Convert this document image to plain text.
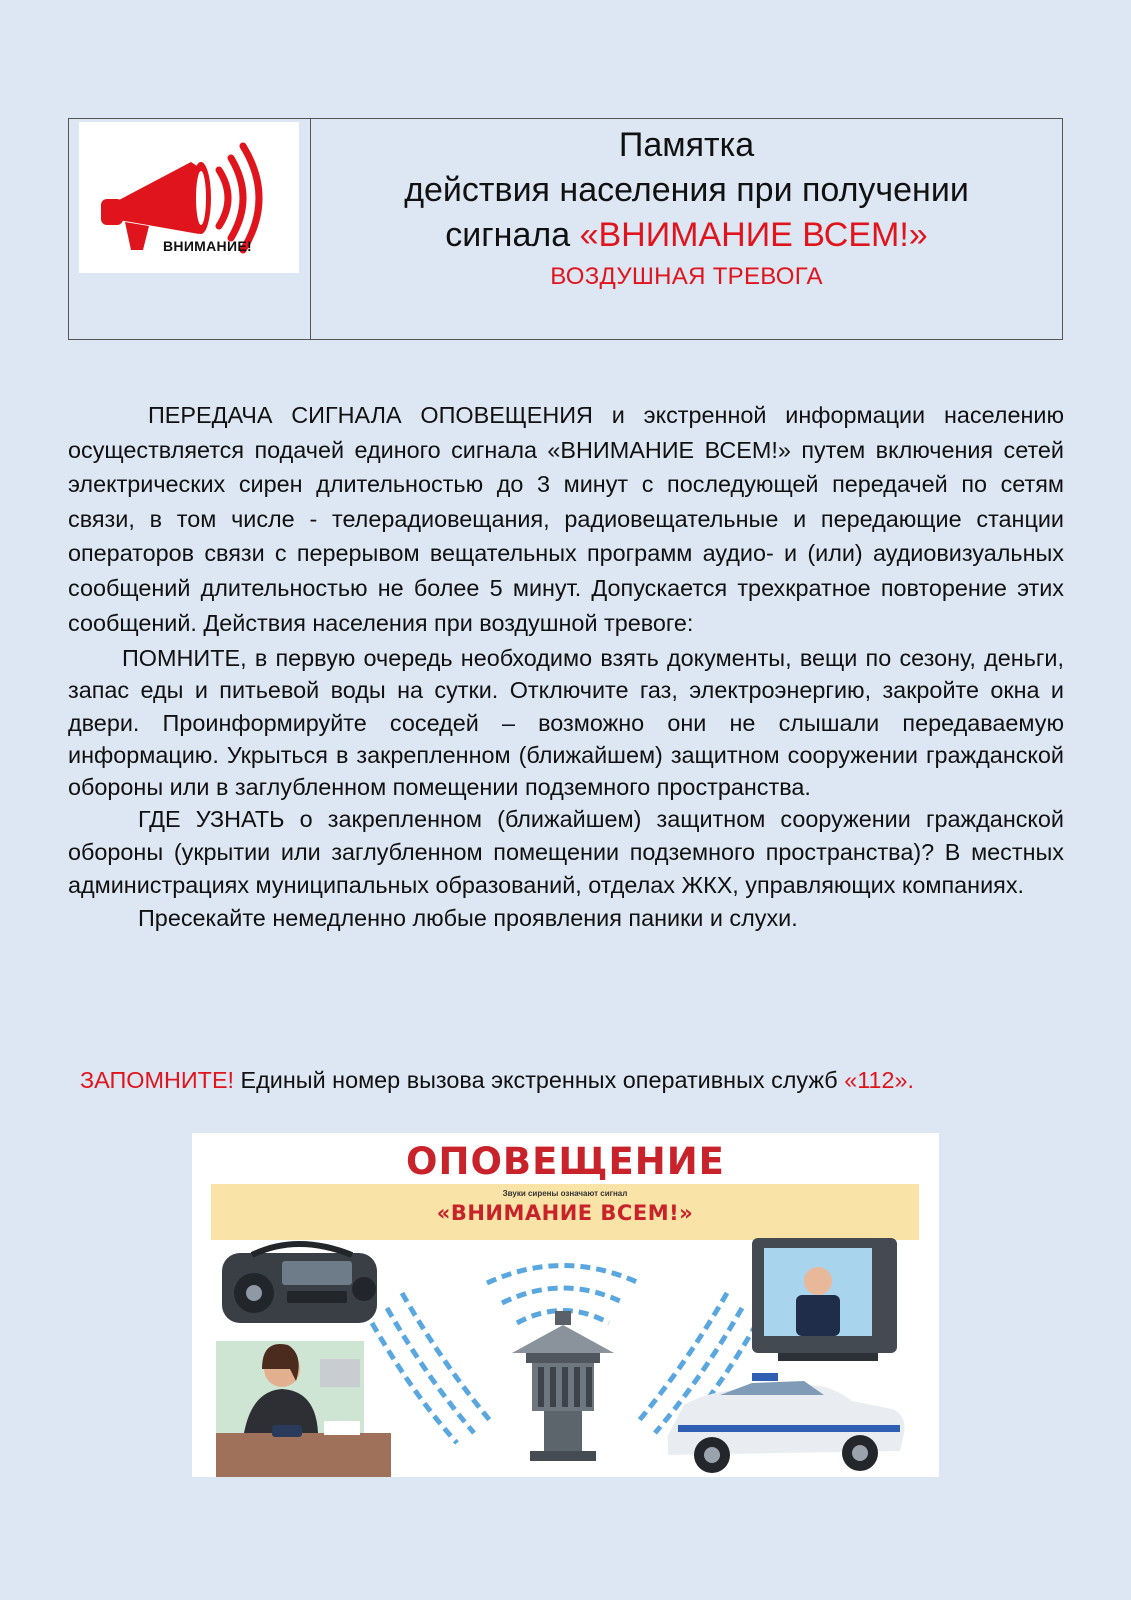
ВНИМАНИЕ!
Памятка
действия населения при получении
сигнала «ВНИМАНИЕ ВСЕМ!»
ВОЗДУШНАЯ ТРЕВОГА

ПЕРЕДАЧА СИГНАЛА ОПОВЕЩЕНИЯ и экстренной информации населению осуществляется подачей единого сигнала «ВНИМАНИЕ ВСЕМ!» путем включения сетей электрических сирен длительностью до 3 минут с последующей передачей по сетям связи, в том числе - телерадиовещания, радиовещательные и передающие станции операторов связи с перерывом вещательных программ аудио- и (или) аудиовизуальных сообщений длительностью не более 5 минут. Допускается трехкратное повторение этих сообщений. Действия населения при воздушной тревоге:

ПОМНИТЕ, в первую очередь необходимо взять документы, вещи по сезону, деньги, запас еды и питьевой воды на сутки. Отключите газ, электроэнергию, закройте окна и двери. Проинформируйте соседей – возможно они не слышали передаваемую информацию. Укрыться в закрепленном (ближайшем) защитном сооружении гражданской обороны или в заглубленном помещении подземного пространства.

ГДЕ УЗНАТЬ о закрепленном (ближайшем) защитном сооружении гражданской обороны (укрытии или заглубленном помещении подземного пространства)? В местных администрациях муниципальных образований, отделах ЖКХ, управляющих компаниях.

Пресекайте немедленно любые проявления паники и слухи.

ЗАПОМНИТЕ! Единый номер вызова экстренных оперативных служб «112».
ОПОВЕЩЕНИЕ
Звуки сирены означают сигнал
«ВНИМАНИЕ ВСЕМ!»
